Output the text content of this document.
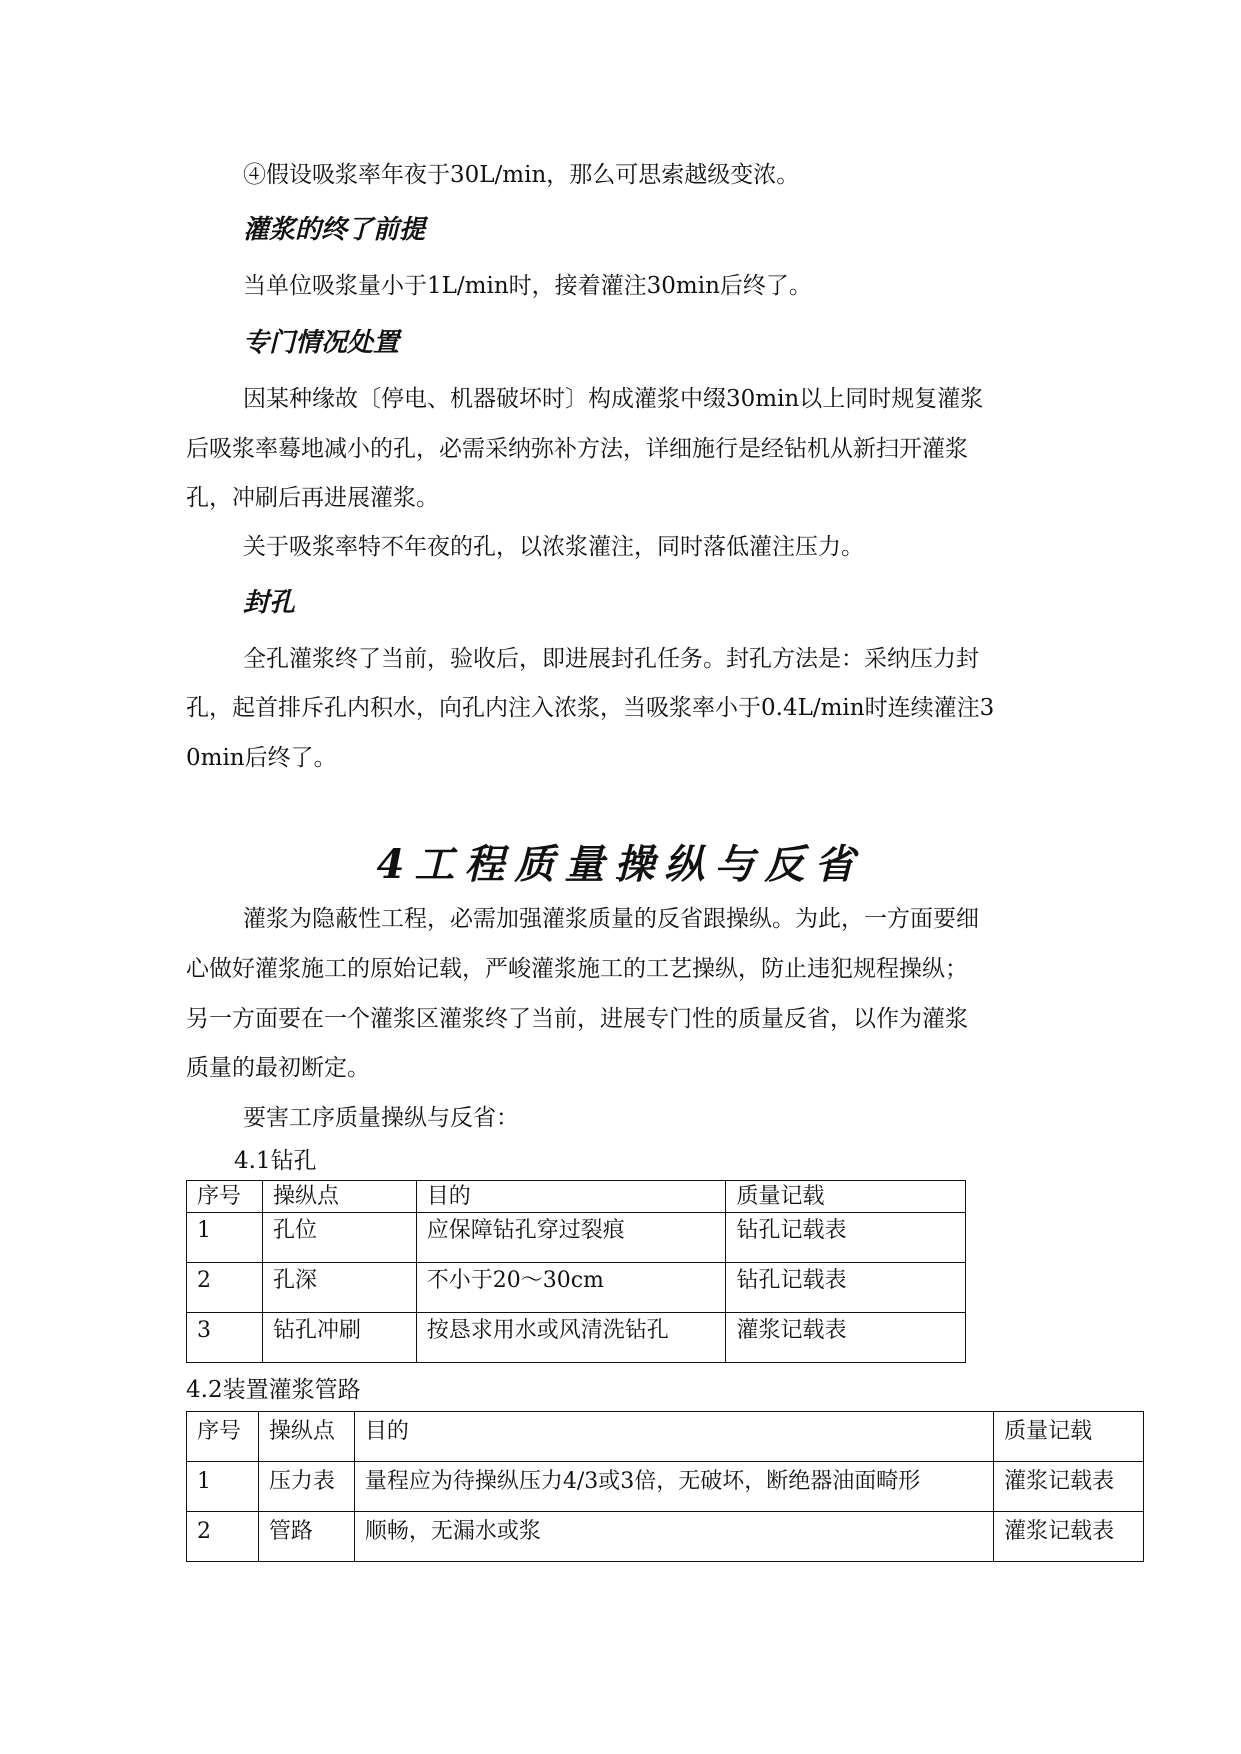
④假设吸浆率年夜于30L/min，那么可思索越级变浓。
灌浆的终了前提
当单位吸浆量小于1L/min时，接着灌注30min后终了。
专门情况处置
因某种缘故〔停电、机器破坏时〕构成灌浆中缀30min以上同时规复灌浆
后吸浆率蓦地减小的孔，必需采纳弥补方法，详细施行是经钻机从新扫开灌浆
孔，冲刷后再进展灌浆。
关于吸浆率特不年夜的孔，以浓浆灌注，同时落低灌注压力。
封孔
全孔灌浆终了当前，验收后，即进展封孔任务。封孔方法是：采纳压力封
孔，起首排斥孔内积水，向孔内注入浓浆，当吸浆率小于0.4L/min时连续灌注3
0min后终了。
4工程质量操纵与反省
灌浆为隐蔽性工程，必需加强灌浆质量的反省跟操纵。为此，一方面要细
心做好灌浆施工的原始记载，严峻灌浆施工的工艺操纵，防止违犯规程操纵；
另一方面要在一个灌浆区灌浆终了当前，进展专门性的质量反省，以作为灌浆
质量的最初断定。
要害工序质量操纵与反省：
4.1钻孔
序号	操纵点	目的	质量记载
1	孔位	应保障钻孔穿过裂痕	钻孔记载表
2	孔深	不小于20～30cm	钻孔记载表
3	钻孔冲刷	按恳求用水或风清洗钻孔	灌浆记载表
4.2装置灌浆管路
序号	操纵点	目的	质量记载
1	压力表	量程应为待操纵压力4/3或3倍，无破坏，断绝器油面畸形	灌浆记载表
2	管路	顺畅，无漏水或浆	灌浆记载表
